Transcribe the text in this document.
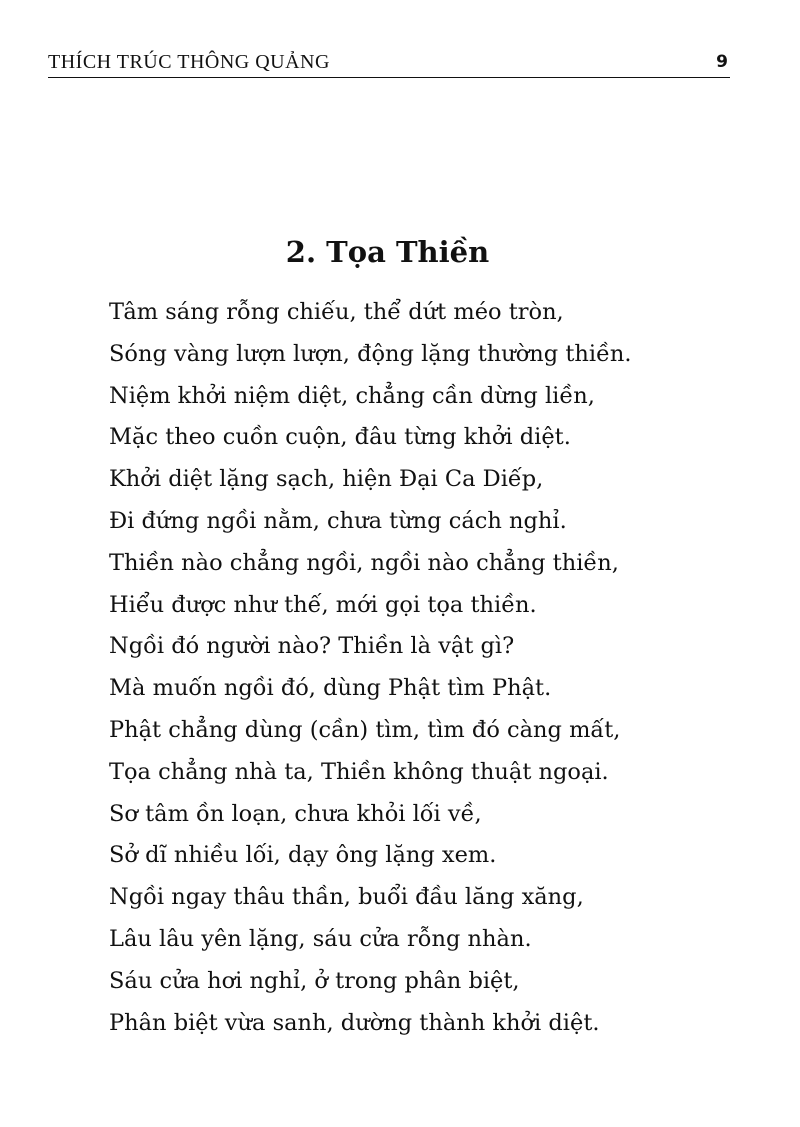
THÍCH TRÚC THÔNG QUẢNG	9
2. Tọa Thiền
Tâm sáng rỗng chiếu, thể dứt méo tròn,
Sóng vàng lượn lượn, động lặng thường thiền.
Niệm khởi niệm diệt, chẳng cần dừng liền,
Mặc theo cuồn cuộn, đâu từng khởi diệt.
Khởi diệt lặng sạch, hiện Đại Ca Diếp,
Đi đứng ngồi nằm, chưa từng cách nghỉ.
Thiền nào chẳng ngồi, ngồi nào chẳng thiền,
Hiểu được như thế, mới gọi tọa thiền.
Ngồi đó người nào? Thiền là vật gì?
Mà muốn ngồi đó, dùng Phật tìm Phật.
Phật chẳng dùng (cần) tìm, tìm đó càng mất,
Tọa chẳng nhà ta, Thiền không thuật ngoại.
Sơ tâm ồn loạn, chưa khỏi lối về,
Sở dĩ nhiều lối, dạy ông lặng xem.
Ngồi ngay thâu thần, buổi đầu lăng xăng,
Lâu lâu yên lặng, sáu cửa rỗng nhàn.
Sáu cửa hơi nghỉ, ở trong phân biệt,
Phân biệt vừa sanh, dường thành khởi diệt.
